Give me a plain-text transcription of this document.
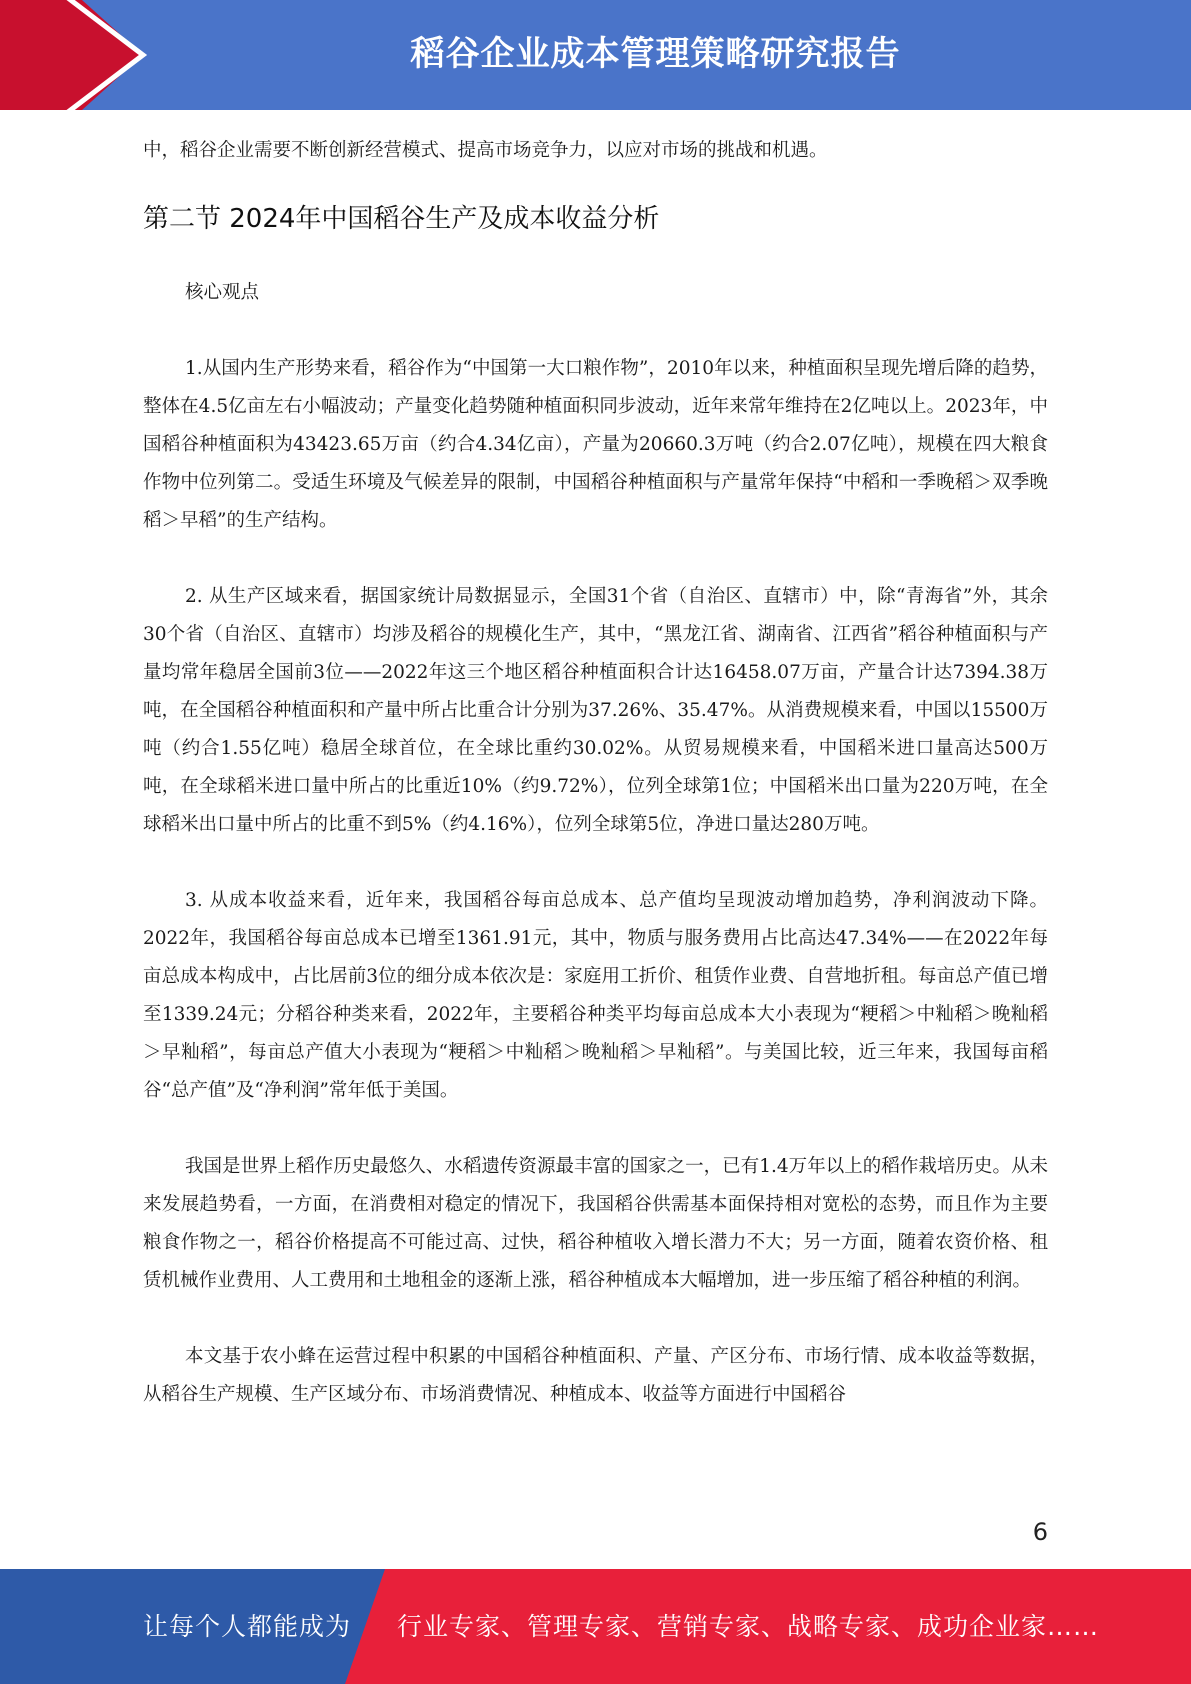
稻谷企业成本管理策略研究报告

中，稻谷企业需要不断创新经营模式、提高市场竞争力，以应对市场的挑战和机遇。

第二节 2024年中国稻谷生产及成本收益分析

核心观点

1.从国内生产形势来看，稻谷作为“中国第一大口粮作物”，2010年以来，种植面积呈现先增后降的趋势，整体在4.5亿亩左右小幅波动；产量变化趋势随种植面积同步波动，近年来常年维持在2亿吨以上。2023年，中国稻谷种植面积为43423.65万亩（约合4.34亿亩），产量为20660.3万吨（约合2.07亿吨），规模在四大粮食作物中位列第二。受适生环境及气候差异的限制，中国稻谷种植面积与产量常年保持“中稻和一季晚稻＞双季晚稻＞早稻”的生产结构。

2. 从生产区域来看，据国家统计局数据显示，全国31个省（自治区、直辖市）中，除“青海省”外，其余30个省（自治区、直辖市）均涉及稻谷的规模化生产，其中，“黑龙江省、湖南省、江西省”稻谷种植面积与产量均常年稳居全国前3位——2022年这三个地区稻谷种植面积合计达16458.07万亩，产量合计达7394.38万吨，在全国稻谷种植面积和产量中所占比重合计分别为37.26%、35.47%。从消费规模来看，中国以15500万吨（约合1.55亿吨）稳居全球首位，在全球比重约30.02%。从贸易规模来看，中国稻米进口量高达500万吨，在全球稻米进口量中所占的比重近10%（约9.72%），位列全球第1位；中国稻米出口量为220万吨，在全球稻米出口量中所占的比重不到5%（约4.16%），位列全球第5位，净进口量达280万吨。

3. 从成本收益来看，近年来，我国稻谷每亩总成本、总产值均呈现波动增加趋势，净利润波动下降。2022年，我国稻谷每亩总成本已增至1361.91元，其中，物质与服务费用占比高达47.34%——在2022年每亩总成本构成中，占比居前3位的细分成本依次是：家庭用工折价、租赁作业费、自营地折租。每亩总产值已增至1339.24元；分稻谷种类来看，2022年，主要稻谷种类平均每亩总成本大小表现为“粳稻＞中籼稻＞晚籼稻＞早籼稻”，每亩总产值大小表现为“粳稻＞中籼稻＞晚籼稻＞早籼稻”。与美国比较，近三年来，我国每亩稻谷“总产值”及“净利润”常年低于美国。

我国是世界上稻作历史最悠久、水稻遗传资源最丰富的国家之一，已有1.4万年以上的稻作栽培历史。从未来发展趋势看，一方面，在消费相对稳定的情况下，我国稻谷供需基本面保持相对宽松的态势，而且作为主要粮食作物之一，稻谷价格提高不可能过高、过快，稻谷种植收入增长潜力不大；另一方面，随着农资价格、租赁机械作业费用、人工费用和土地租金的逐渐上涨，稻谷种植成本大幅增加，进一步压缩了稻谷种植的利润。

本文基于农小蜂在运营过程中积累的中国稻谷种植面积、产量、产区分布、市场行情、成本收益等数据，从稻谷生产规模、生产区域分布、市场消费情况、种植成本、收益等方面进行中国稻谷

6
让每个人都能成为 行业专家、管理专家、营销专家、战略专家、成功企业家……
